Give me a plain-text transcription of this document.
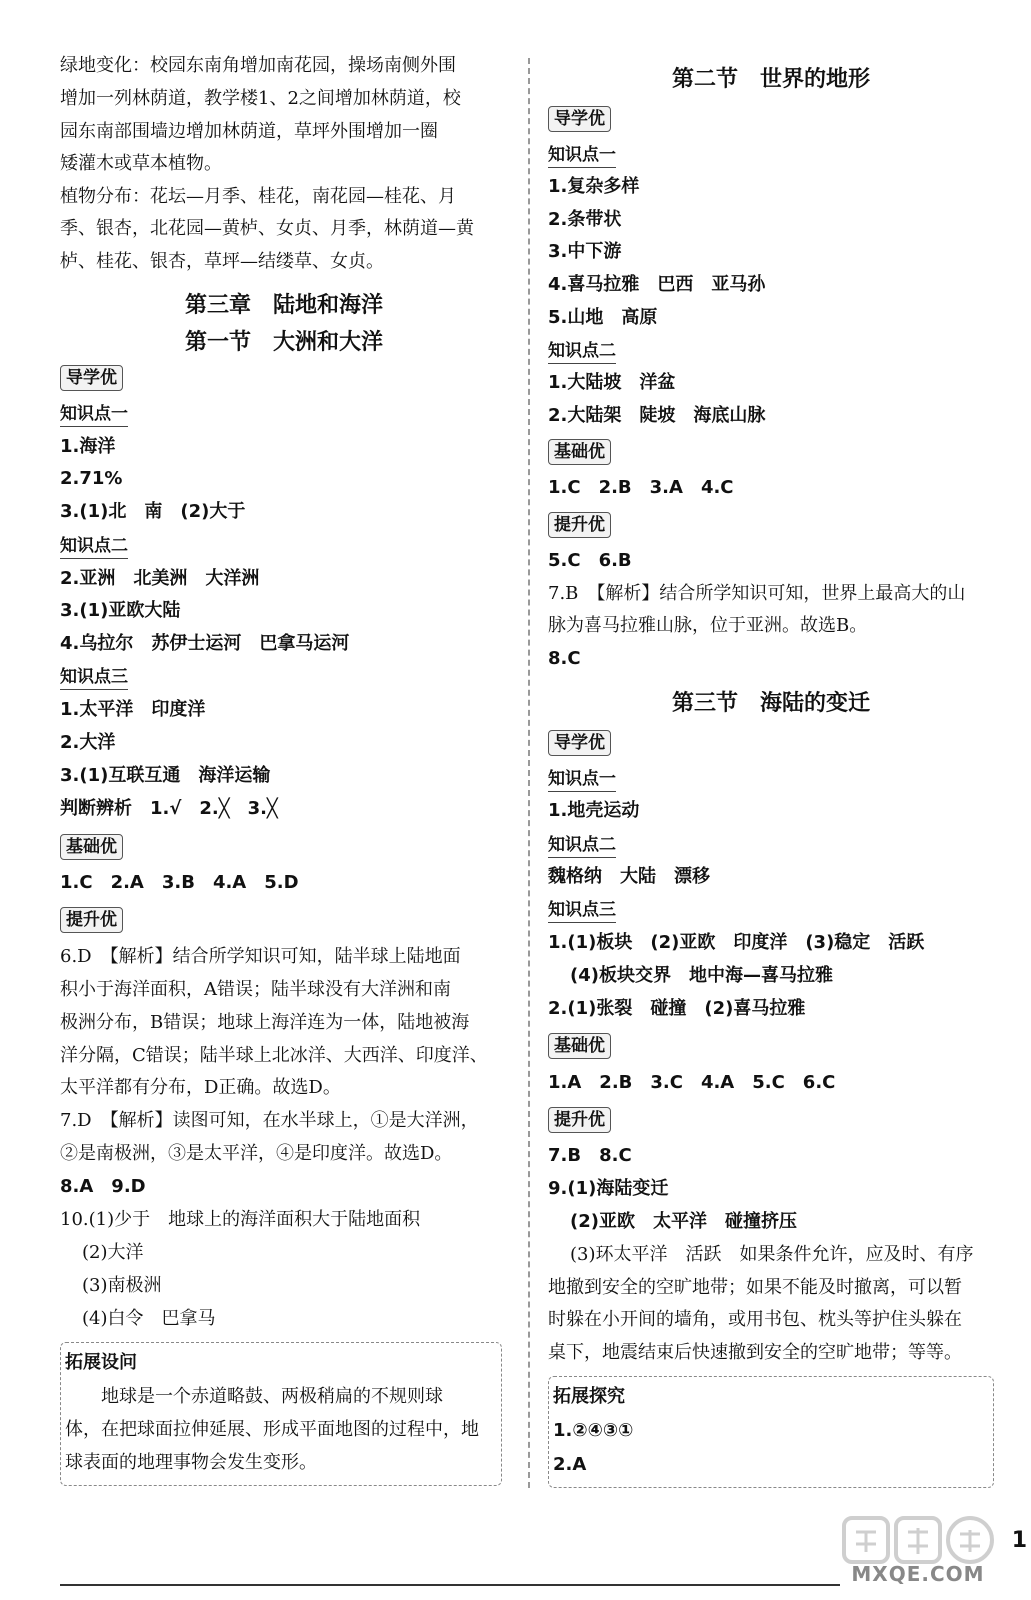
绿地变化：校园东南角增加南花园，操场南侧外围
增加一列林荫道，教学楼1、2之间增加林荫道，校
园东南部围墙边增加林荫道，草坪外围增加一圈
矮灌木或草本植物。
植物分布：花坛—月季、桂花，南花园—桂花、月
季、银杏，北花园—黄栌、女贞、月季，林荫道—黄
栌、桂花、银杏，草坪—结缕草、女贞。
第三章　陆地和海洋
第一节　大洲和大洋
导学优
知识点一
1.海洋
2.71%
3.(1)北　南　(2)大于
知识点二
2.亚洲　北美洲　大洋洲
3.(1)亚欧大陆
4.乌拉尔　苏伊士运河　巴拿马运河
知识点三
1.太平洋　印度洋
2.大洋
3.(1)互联互通　海洋运输
判断辨析　1.√　2.╳　3.╳
基础优
1.C　2.A　3.B　4.A　5.D
提升优
6.D　【解析】结合所学知识可知，陆半球上陆地面
积小于海洋面积，A错误；陆半球没有大洋洲和南
极洲分布，B错误；地球上海洋连为一体，陆地被海
洋分隔，C错误；陆半球上北冰洋、大西洋、印度洋、
太平洋都有分布，D正确。故选D。
7.D　【解析】读图可知，在水半球上，①是大洋洲，
②是南极洲，③是太平洋，④是印度洋。故选D。
8.A　9.D
10.(1)少于　地球上的海洋面积大于陆地面积
(2)大洋
(3)南极洲
(4)白令　巴拿马
拓展设问
　　地球是一个赤道略鼓、两极稍扁的不规则球
体，在把球面拉伸延展、形成平面地图的过程中，地
球表面的地理事物会发生变形。
第二节　世界的地形
导学优
知识点一
1.复杂多样
2.条带状
3.中下游
4.喜马拉雅　巴西　亚马孙
5.山地　高原
知识点二
1.大陆坡　洋盆
2.大陆架　陡坡　海底山脉
基础优
1.C　2.B　3.A　4.C
提升优
5.C　6.B
7.B　【解析】结合所学知识可知，世界上最高大的山
脉为喜马拉雅山脉，位于亚洲。故选B。
8.C
第三节　海陆的变迁
导学优
知识点一
1.地壳运动
知识点二
魏格纳　大陆　漂移
知识点三
1.(1)板块　(2)亚欧　印度洋　(3)稳定　活跃
(4)板块交界　地中海—喜马拉雅
2.(1)张裂　碰撞　(2)喜马拉雅
基础优
1.A　2.B　3.C　4.A　5.C　6.C
提升优
7.B　8.C
9.(1)海陆变迁
(2)亚欧　太平洋　碰撞挤压
(3)环太平洋　活跃　如果条件允许，应及时、有序
地撤到安全的空旷地带；如果不能及时撤离，可以暂
时躲在小开间的墙角，或用书包、枕头等护住头躲在
桌下，地震结束后快速撤到安全的空旷地带；等等。
拓展探究
1.②④③①
2.A
1
MXQE.COM
